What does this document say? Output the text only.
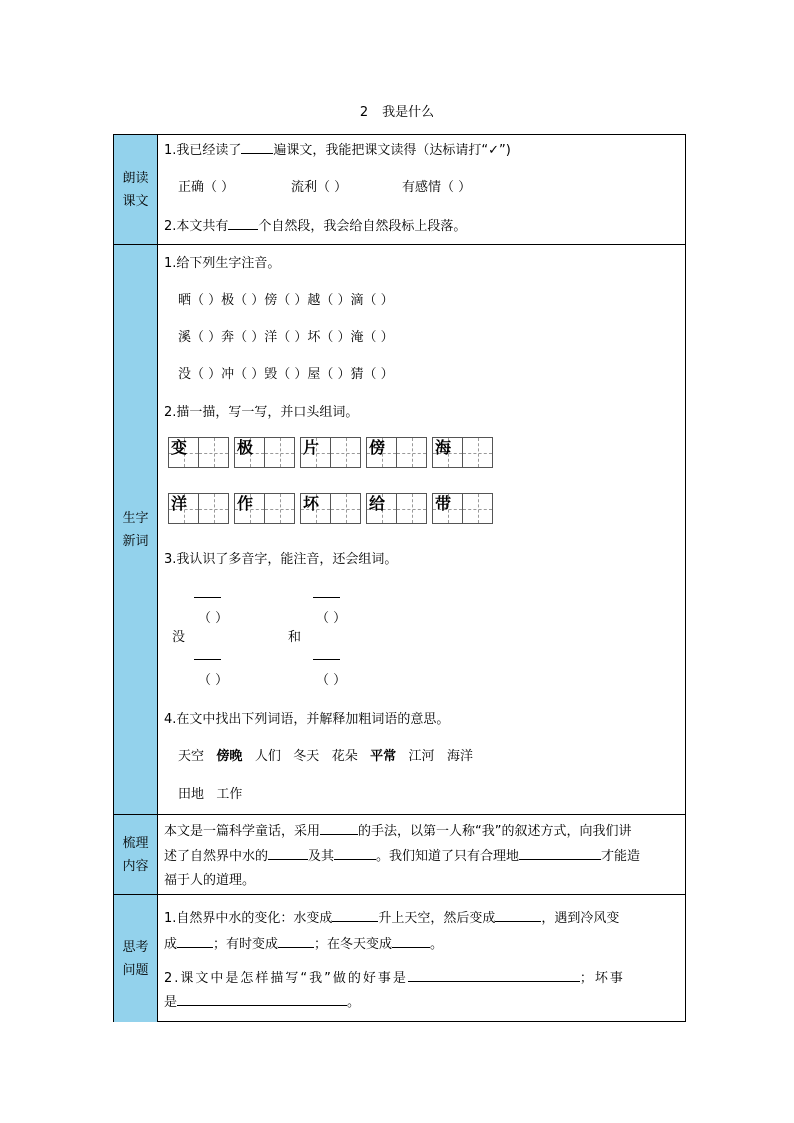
2 我是什么
朗读
课文
1.我已经读了 遍课文，我能把课文读得（达标请打“✓”)
正确（ ）	流利（ ）	有感情（ ）
2.本文共有 个自然段，我会给自然段标上段落。
生字
新词
1.给下列生字注音。
晒（ ）极（ ）傍（ ）越（ ）滴（ ）
溪（ ）奔（ ）洋（ ）坏（ ）淹（ ）
没（ ）冲（ ）毁（ ）屋（ ）猜（ ）
2.描一描，写一写，并口头组词。
变	极	片	傍	海
洋	作	坏	给	带
3.我认识了多音字，能注音，还会组词。
（ ）
没
（ ）
（ ）
和
（ ）
4.在文中找出下列词语，并解释加粗词语的意思。
天空 傍晚 人们 冬天 花朵 平常 江河 海洋
田地 工作
梳理
内容
本文是一篇科学童话，采用	的手法，以第一人称“我”的叙述方式，向我们讲
述了自然界中水的	及其	。我们知道了只有合理地	才能造
福于人的道理。
思考
问题
1.自然界中水的变化：水变成	升上天空，然后变成	，遇到冷风变
成	；有时变成	；在冬天变成	。
2.课文中是怎样描写“我”做的好事是	；坏事
是	。
